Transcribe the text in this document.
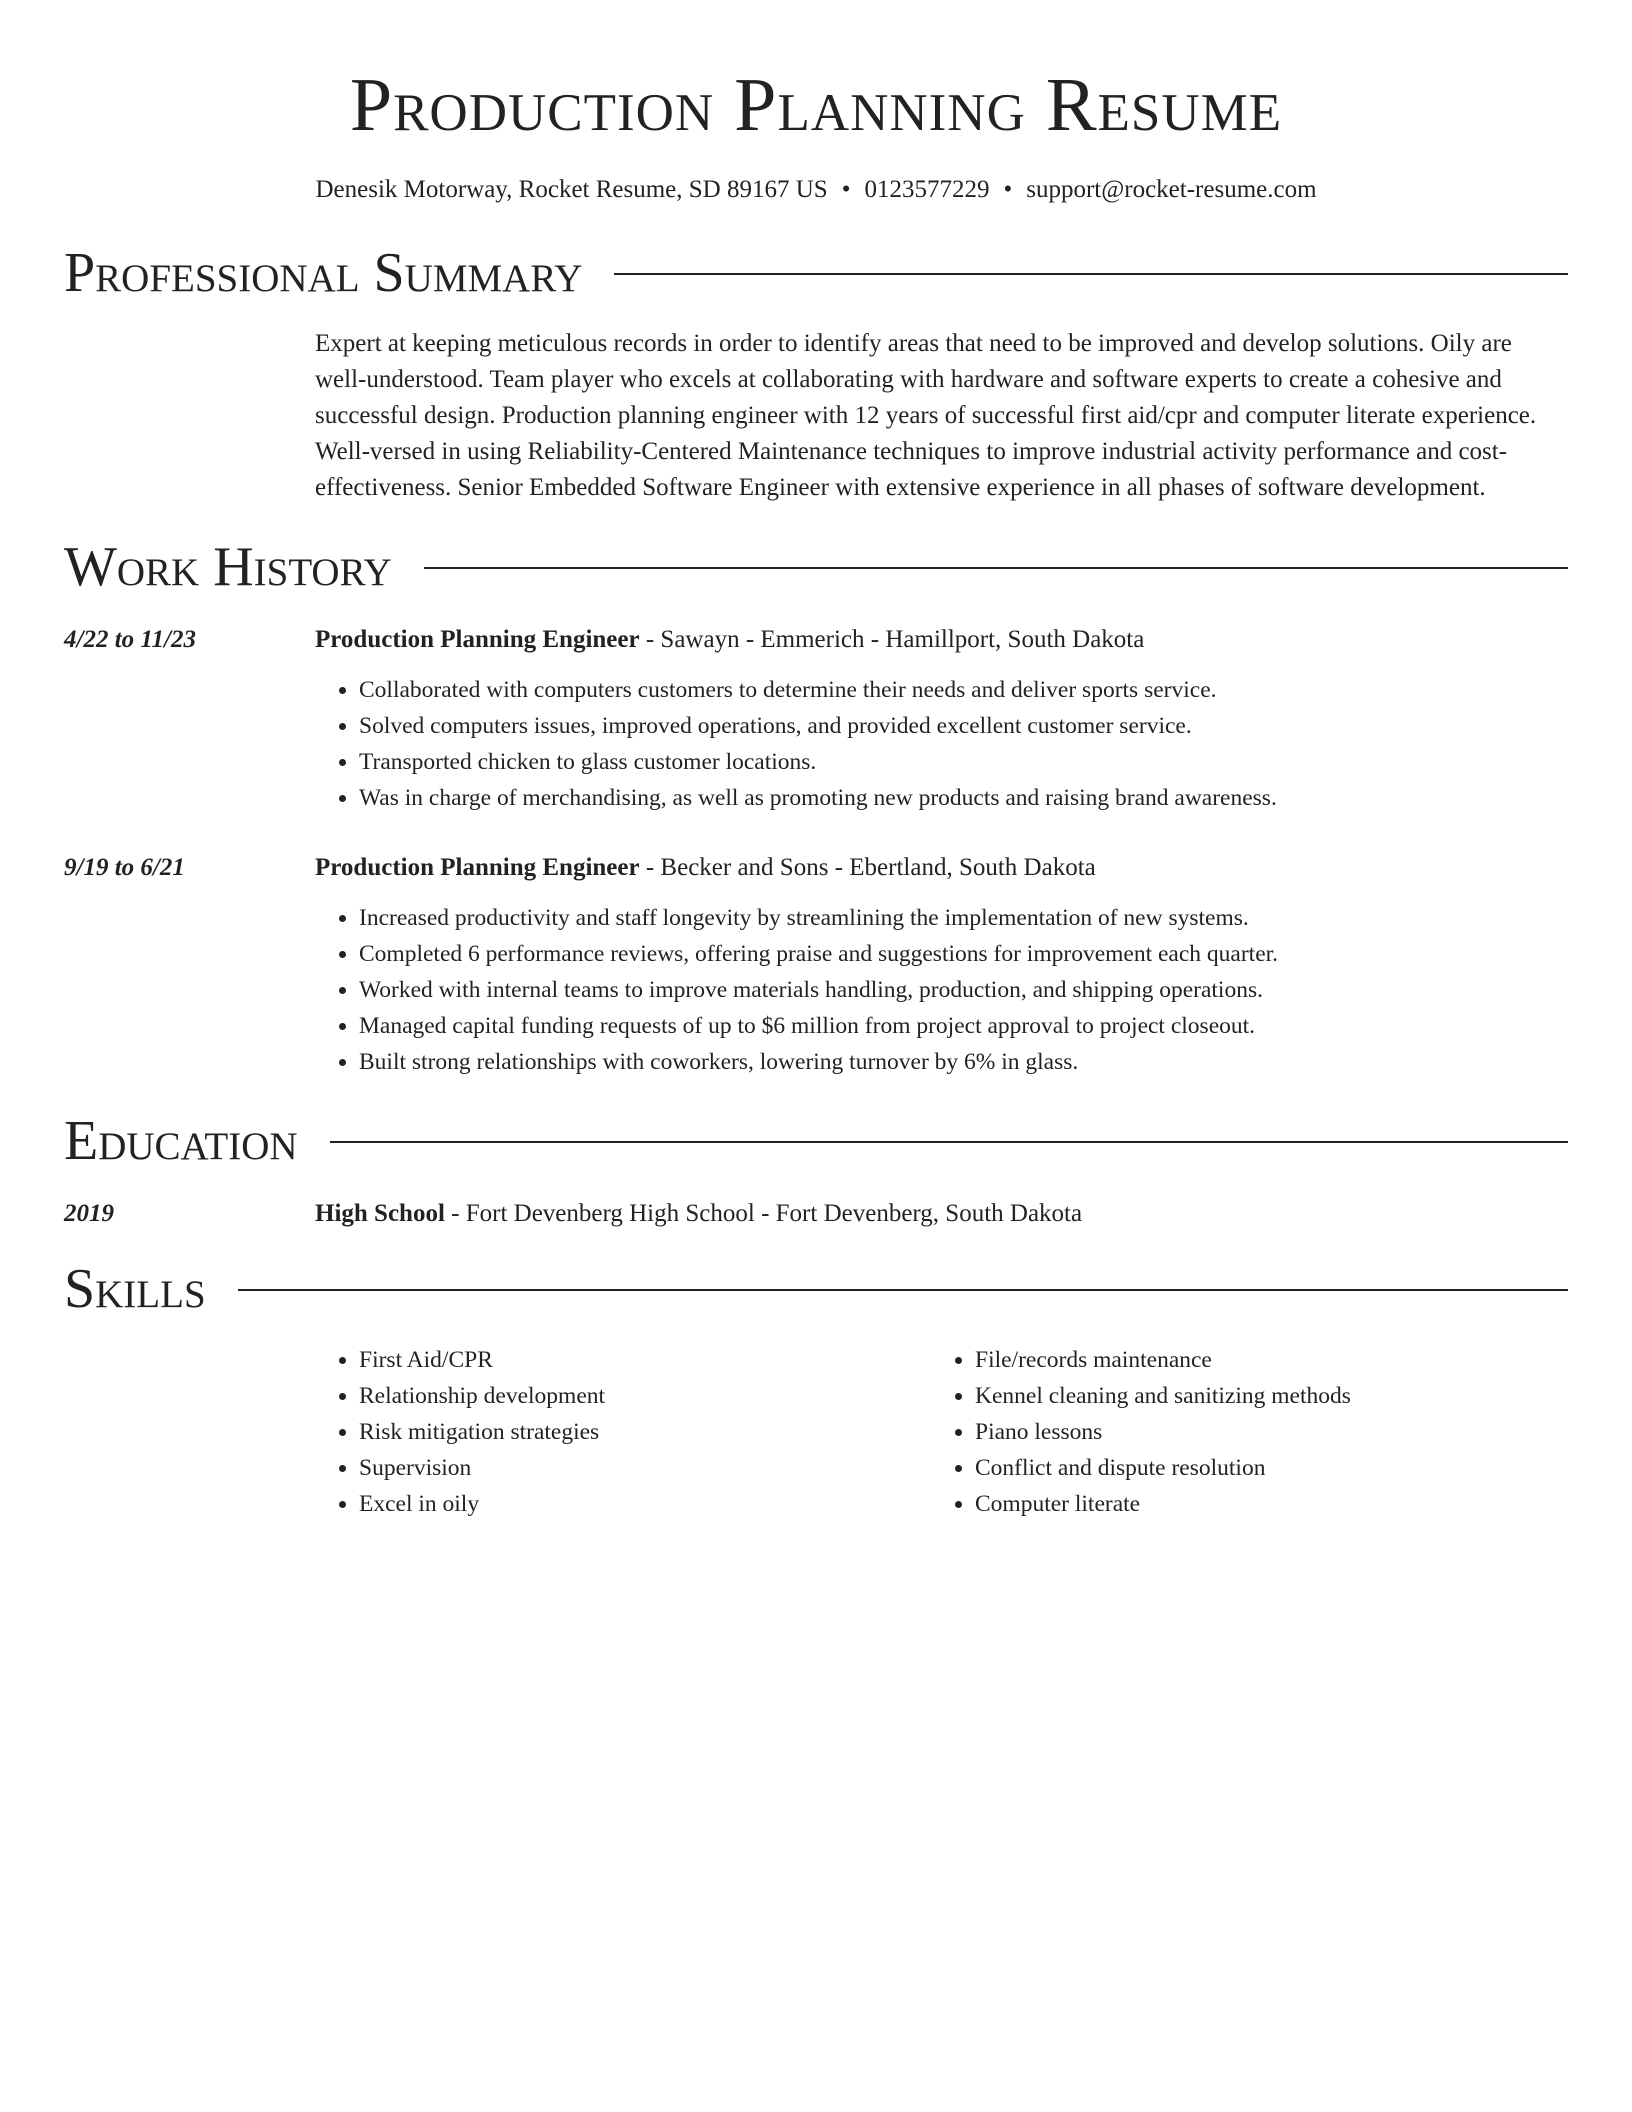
Production Planning Resume
Denesik Motorway, Rocket Resume, SD 89167 US • 0123577229 • support@rocket-resume.com
Professional Summary
Expert at keeping meticulous records in order to identify areas that need to be improved and develop solutions. Oily are well-understood. Team player who excels at collaborating with hardware and software experts to create a cohesive and successful design. Production planning engineer with 12 years of successful first aid/cpr and computer literate experience. Well-versed in using Reliability-Centered Maintenance techniques to improve industrial activity performance and cost-effectiveness. Senior Embedded Software Engineer with extensive experience in all phases of software development.
Work History
4/22 to 11/23	Production Planning Engineer - Sawayn - Emmerich - Hamillport, South Dakota
• Collaborated with computers customers to determine their needs and deliver sports service.
• Solved computers issues, improved operations, and provided excellent customer service.
• Transported chicken to glass customer locations.
• Was in charge of merchandising, as well as promoting new products and raising brand awareness.
9/19 to 6/21	Production Planning Engineer - Becker and Sons - Ebertland, South Dakota
• Increased productivity and staff longevity by streamlining the implementation of new systems.
• Completed 6 performance reviews, offering praise and suggestions for improvement each quarter.
• Worked with internal teams to improve materials handling, production, and shipping operations.
• Managed capital funding requests of up to $6 million from project approval to project closeout.
• Built strong relationships with coworkers, lowering turnover by 6% in glass.
Education
2019	High School - Fort Devenberg High School - Fort Devenberg, South Dakota
Skills
• First Aid/CPR
• Relationship development
• Risk mitigation strategies
• Supervision
• Excel in oily
• File/records maintenance
• Kennel cleaning and sanitizing methods
• Piano lessons
• Conflict and dispute resolution
• Computer literate
